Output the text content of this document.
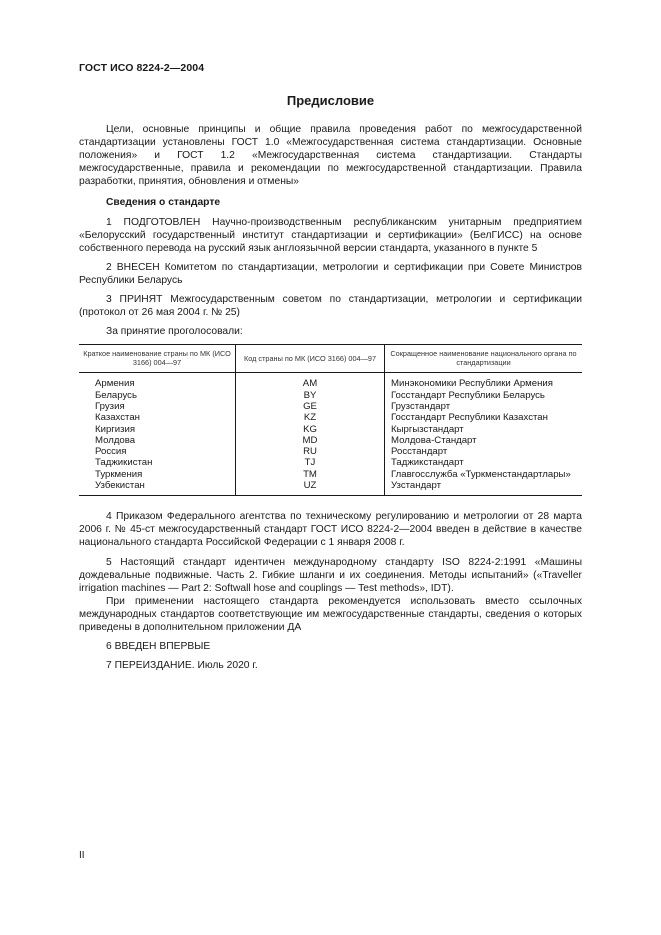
ГОСТ ИСО 8224-2—2004
Предисловие

Цели, основные принципы и общие правила проведения работ по межгосударственной стандартизации установлены ГОСТ 1.0 «Межгосударственная система стандартизации. Основные положения» и ГОСТ 1.2 «Межгосударственная система стандартизации. Стандарты межгосударственные, правила и рекомендации по межгосударственной стандартизации. Правила разработки, принятия, обновления и отмены»

Сведения о стандарте

1 ПОДГОТОВЛЕН Научно-производственным республиканским унитарным предприятием «Белорусский государственный институт стандартизации и сертификации» (БелГИСС) на основе собственного перевода на русский язык англоязычной версии стандарта, указанного в пункте 5

2 ВНЕСЕН Комитетом по стандартизации, метрологии и сертификации при Совете Министров Республики Беларусь

3 ПРИНЯТ Межгосударственным советом по стандартизации, метрологии и сертификации (протокол от 26 мая 2004 г. № 25)

За принятие проголосовали:

Краткое наименование страны по МК (ИСО 3166) 004—97	Код страны по МК (ИСО 3166) 004—97	Сокращенное наименование национального органа по стандартизации
Армения	AM	Минэкономики Республики Армения
Беларусь	BY	Госстандарт Республики Беларусь
Грузия	GE	Грузстандарт
Казахстан	KZ	Госстандарт Республики Казахстан
Киргизия	KG	Кыргызстандарт
Молдова	MD	Молдова-Стандарт
Россия	RU	Росстандарт
Таджикистан	TJ	Таджикстандарт
Туркмения	TM	Главгосслужба «Туркменстандартлары»
Узбекистан	UZ	Узстандарт

4 Приказом Федерального агентства по техническому регулированию и метрологии от 28 марта 2006 г. № 45-ст межгосударственный стандарт ГОСТ ИСО 8224-2—2004 введен в действие в качестве национального стандарта Российской Федерации с 1 января 2008 г.

5 Настоящий стандарт идентичен международному стандарту ISO 8224-2:1991 «Машины дождевальные подвижные. Часть 2. Гибкие шланги и их соединения. Методы испытаний» («Traveller irrigation machines — Part 2: Softwall hose and couplings — Test methods», IDT).

При применении настоящего стандарта рекомендуется использовать вместо ссылочных международных стандартов соответствующие им межгосударственные стандарты, сведения о которых приведены в дополнительном приложении ДА

6 ВВЕДЕН ВПЕРВЫЕ

7 ПЕРЕИЗДАНИЕ. Июль 2020 г.

II
